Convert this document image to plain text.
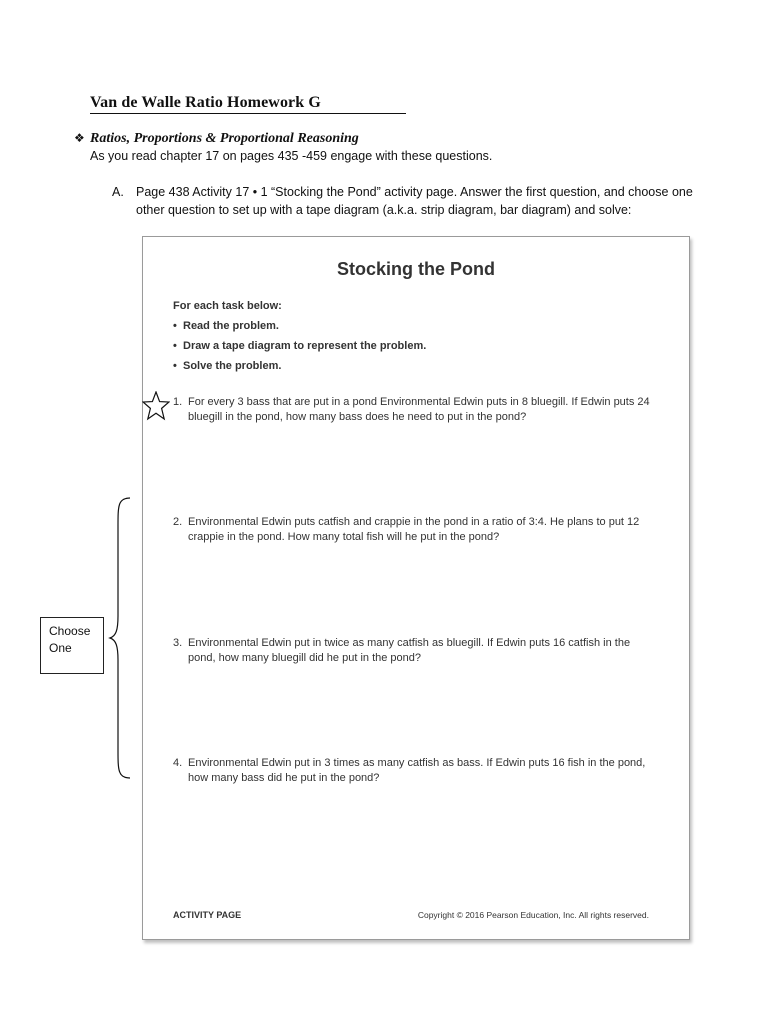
Van de Walle Ratio Homework G
❖ Ratios, Proportions & Proportional Reasoning
As you read chapter 17 on pages 435 -459 engage with these questions.
A. Page 438 Activity 17 • 1 “Stocking the Pond” activity page. Answer the first question, and choose one other question to set up with a tape diagram (a.k.a. strip diagram, bar diagram) and solve:
Stocking the Pond
For each task below:
• Read the problem.
• Draw a tape diagram to represent the problem.
• Solve the problem.
1. For every 3 bass that are put in a pond Environmental Edwin puts in 8 bluegill. If Edwin puts 24 bluegill in the pond, how many bass does he need to put in the pond?
2. Environmental Edwin puts catfish and crappie in the pond in a ratio of 3:4. He plans to put 12 crappie in the pond. How many total fish will he put in the pond?
3. Environmental Edwin put in twice as many catfish as bluegill. If Edwin puts 16 catfish in the pond, how many bluegill did he put in the pond?
4. Environmental Edwin put in 3 times as many catfish as bass. If Edwin puts 16 fish in the pond, how many bass did he put in the pond?
ACTIVITY PAGE	Copyright © 2016 Pearson Education, Inc. All rights reserved.
Choose
One
